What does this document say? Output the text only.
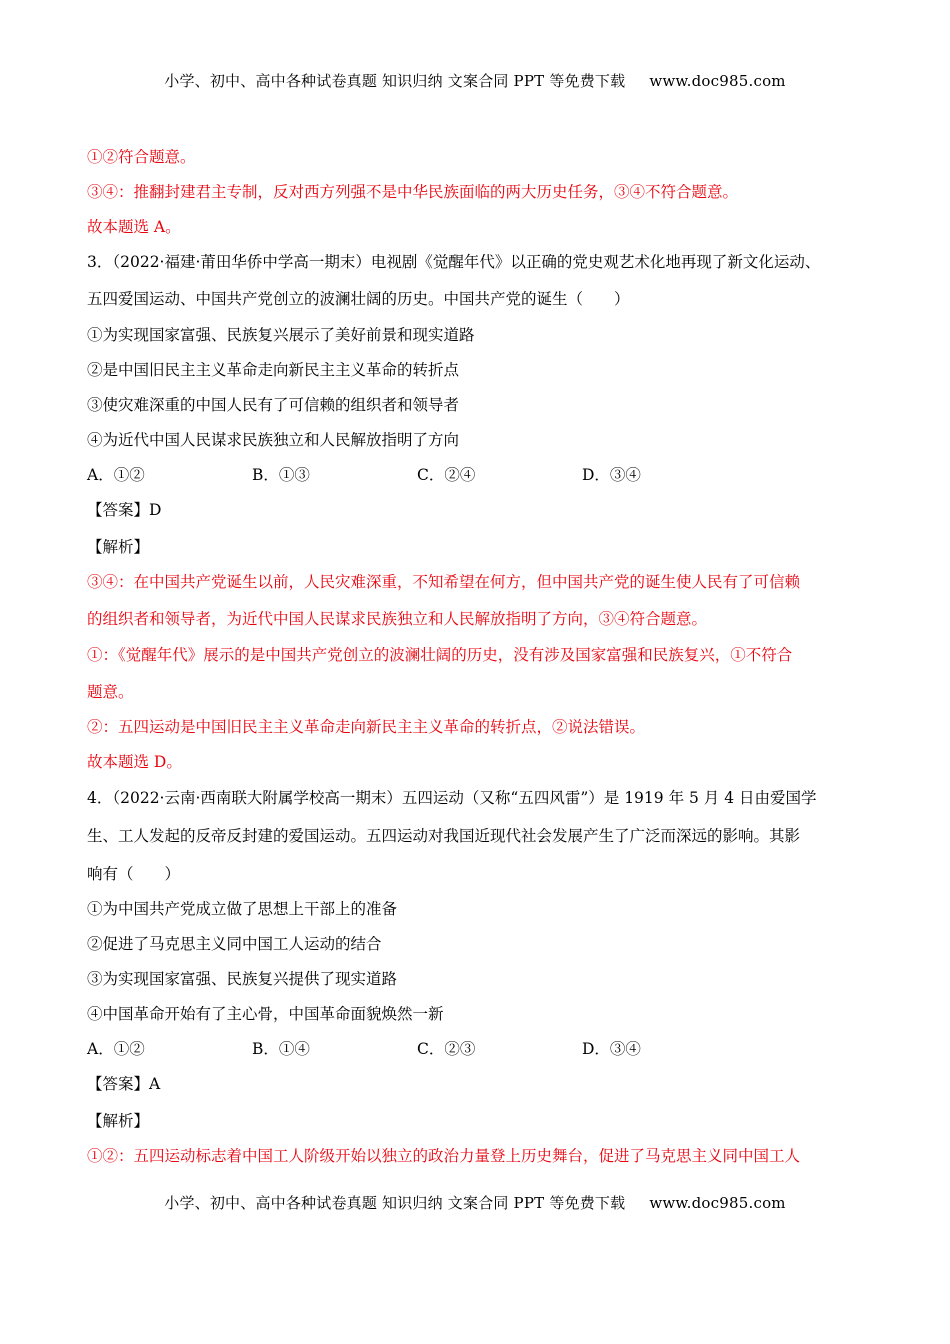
小学、初中、高中各种试卷真题 知识归纳 文案合同 PPT 等免费下载 www.doc985.com
①②符合题意。
③④：推翻封建君主专制，反对西方列强不是中华民族面临的两大历史任务，③④不符合题意。
故本题选 A。
3．（2022·福建·莆田华侨中学高一期末）电视剧《觉醒年代》以正确的党史观艺术化地再现了新文化运动、
五四爱国运动、中国共产党创立的波澜壮阔的历史。中国共产党的诞生（　　）
①为实现国家富强、民族复兴展示了美好前景和现实道路
②是中国旧民主主义革命走向新民主主义革命的转折点
③使灾难深重的中国人民有了可信赖的组织者和领导者
④为近代中国人民谋求民族独立和人民解放指明了方向
A．①②	B．①③	C．②④	D．③④
【答案】D
【解析】
③④：在中国共产党诞生以前，人民灾难深重，不知希望在何方，但中国共产党的诞生使人民有了可信赖
的组织者和领导者，为近代中国人民谋求民族独立和人民解放指明了方向，③④符合题意。
①：《觉醒年代》展示的是中国共产党创立的波澜壮阔的历史，没有涉及国家富强和民族复兴，①不符合
题意。
②：五四运动是中国旧民主主义革命走向新民主主义革命的转折点，②说法错误。
故本题选 D。
4．（2022·云南·西南联大附属学校高一期末）五四运动（又称“五四风雷”）是 1919 年 5 月 4 日由爱国学
生、工人发起的反帝反封建的爱国运动。五四运动对我国近现代社会发展产生了广泛而深远的影响。其影
响有（　　）
①为中国共产党成立做了思想上干部上的准备
②促进了马克思主义同中国工人运动的结合
③为实现国家富强、民族复兴提供了现实道路
④中国革命开始有了主心骨，中国革命面貌焕然一新
A．①②	B．①④	C．②③	D．③④
【答案】A
【解析】
①②：五四运动标志着中国工人阶级开始以独立的政治力量登上历史舞台，促进了马克思主义同中国工人
小学、初中、高中各种试卷真题 知识归纳 文案合同 PPT 等免费下载 www.doc985.com
